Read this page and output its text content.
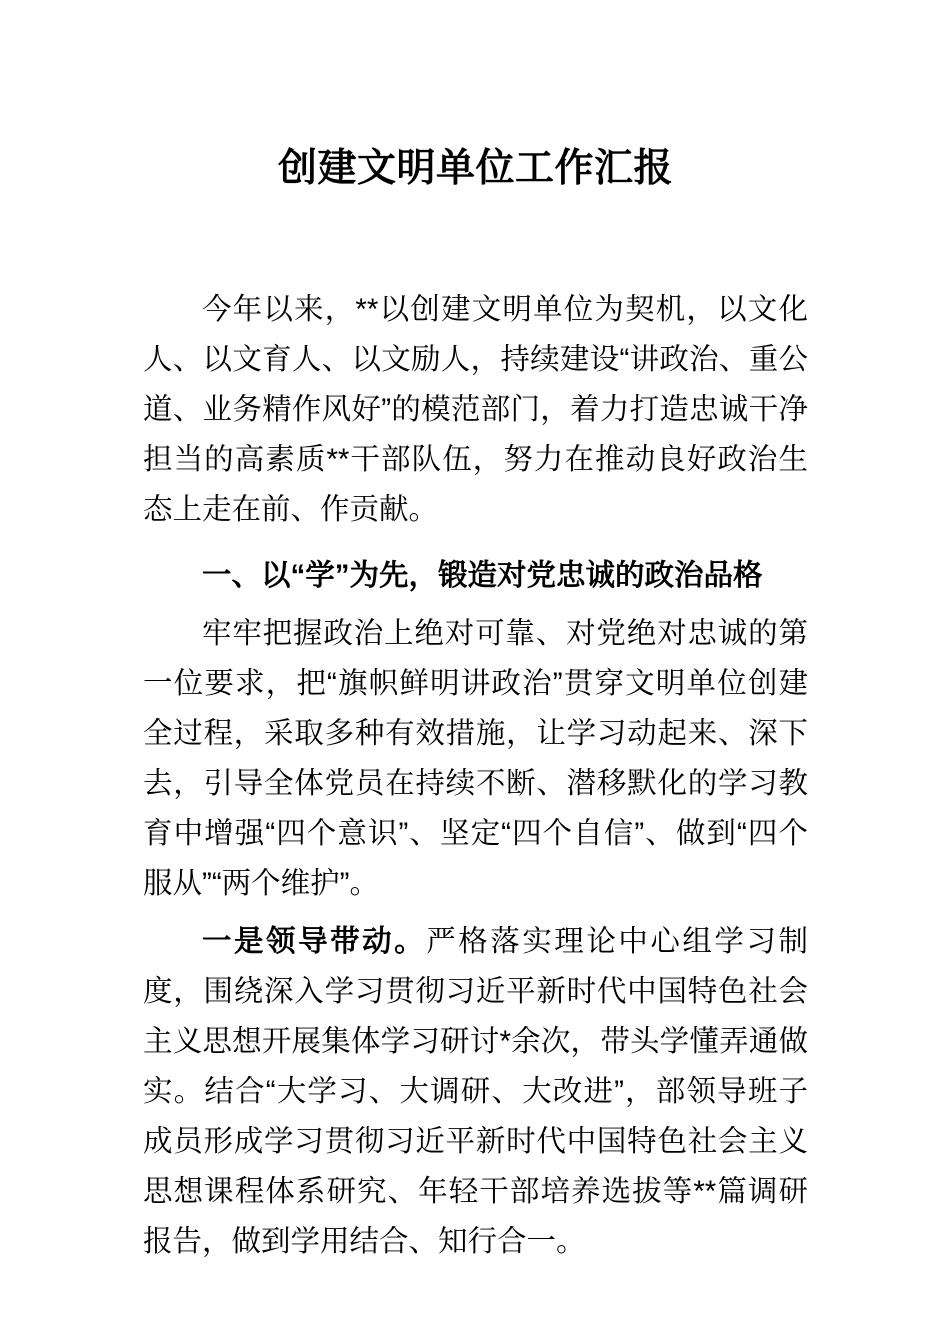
创建文明单位工作汇报

今年以来，**以创建文明单位为契机，以文化人、以文育人、以文励人，持续建设“讲政治、重公道、业务精作风好”的模范部门，着力打造忠诚干净担当的高素质**干部队伍，努力在推动良好政治生态上走在前、作贡献。

一、以“学”为先，锻造对党忠诚的政治品格

牢牢把握政治上绝对可靠、对党绝对忠诚的第一位要求，把“旗帜鲜明讲政治”贯穿文明单位创建全过程，采取多种有效措施，让学习动起来、深下去，引导全体党员在持续不断、潜移默化的学习教育中增强“四个意识”、坚定“四个自信”、做到“四个服从”“两个维护”。

一是领导带动。严格落实理论中心组学习制度，围绕深入学习贯彻习近平新时代中国特色社会主义思想开展集体学习研讨*余次，带头学懂弄通做实。结合“大学习、大调研、大改进”，部领导班子成员形成学习贯彻习近平新时代中国特色社会主义思想课程体系研究、年轻干部培养选拔等**篇调研报告，做到学用结合、知行合一。
